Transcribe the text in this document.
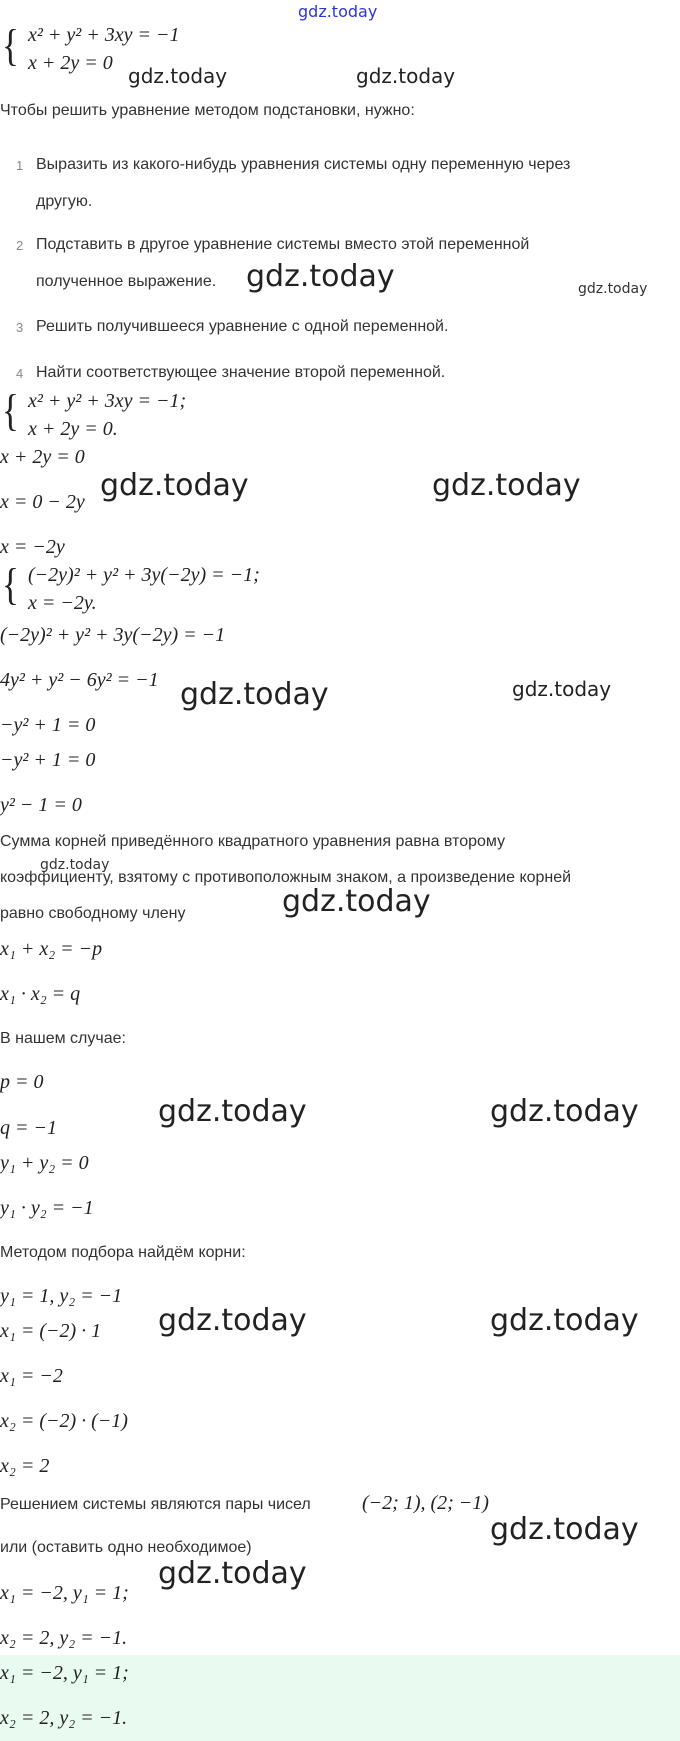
gdz.today
{ x² + y² + 3xy = −1
x + 2y = 0
gdz.today	gdz.today
Чтобы решить уравнение методом подстановки, нужно:
1 Выразить из какого-нибудь уравнения системы одну переменную через
другую.
2 Подставить в другое уравнение системы вместо этой переменной
полученное выражение. gdz.today	gdz.today
3 Решить получившееся уравнение с одной переменной.
4 Найти соответствующее значение второй переменной.
{ x² + y² + 3xy = −1;
x + 2y = 0.
x + 2y = 0
x = 0 − 2y gdz.today	gdz.today
x = −2y
{ (−2y)² + y² + 3y(−2y) = −1;
x = −2y.
(−2y)² + y² + 3y(−2y) = −1
4y² + y² − 6y² = −1 gdz.today	gdz.today
−y² + 1 = 0
−y² + 1 = 0
y² − 1 = 0
Сумма корней приведённого квадратного уравнения равна второму
коэффициенту, взятому с противоположным знаком, а произведение корней
gdz.today
равно свободному члену	gdz.today
x₁ + x₂ = −p
x₁ · x₂ = q
В нашем случае:
p = 0
gdz.today	gdz.today
q = −1
y₁ + y₂ = 0
y₁ · y₂ = −1
Методом подбора найдём корни:
y₁ = 1, y₂ = −1
x₁ = (−2) · 1 gdz.today	gdz.today
x₁ = −2
x₂ = (−2) · (−1)
x₂ = 2
Решением системы являются пары чисел	(−2; 1), (2; −1)
gdz.today
или (оставить одно необходимое)
gdz.today
x₁ = −2, y₁ = 1;
x₂ = 2, y₂ = −1.
x₁ = −2, y₁ = 1;
x₂ = 2, y₂ = −1.
